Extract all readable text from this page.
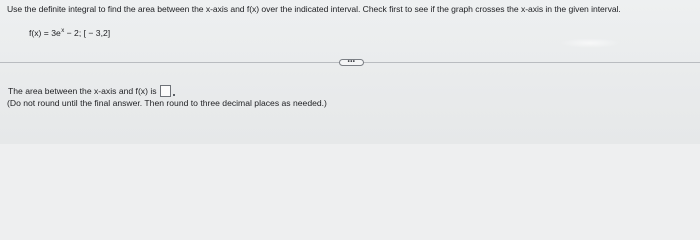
Use the definite integral to find the area between the x-axis and f(x) over the indicated interval. Check first to see if the graph crosses the x-axis in the given interval.
$f(x) = 3e^x - 2$; [ − 3,2]
•••
The area between the x-axis and f(x) is
(Do not round until the final answer. Then round to three decimal places as needed.)
